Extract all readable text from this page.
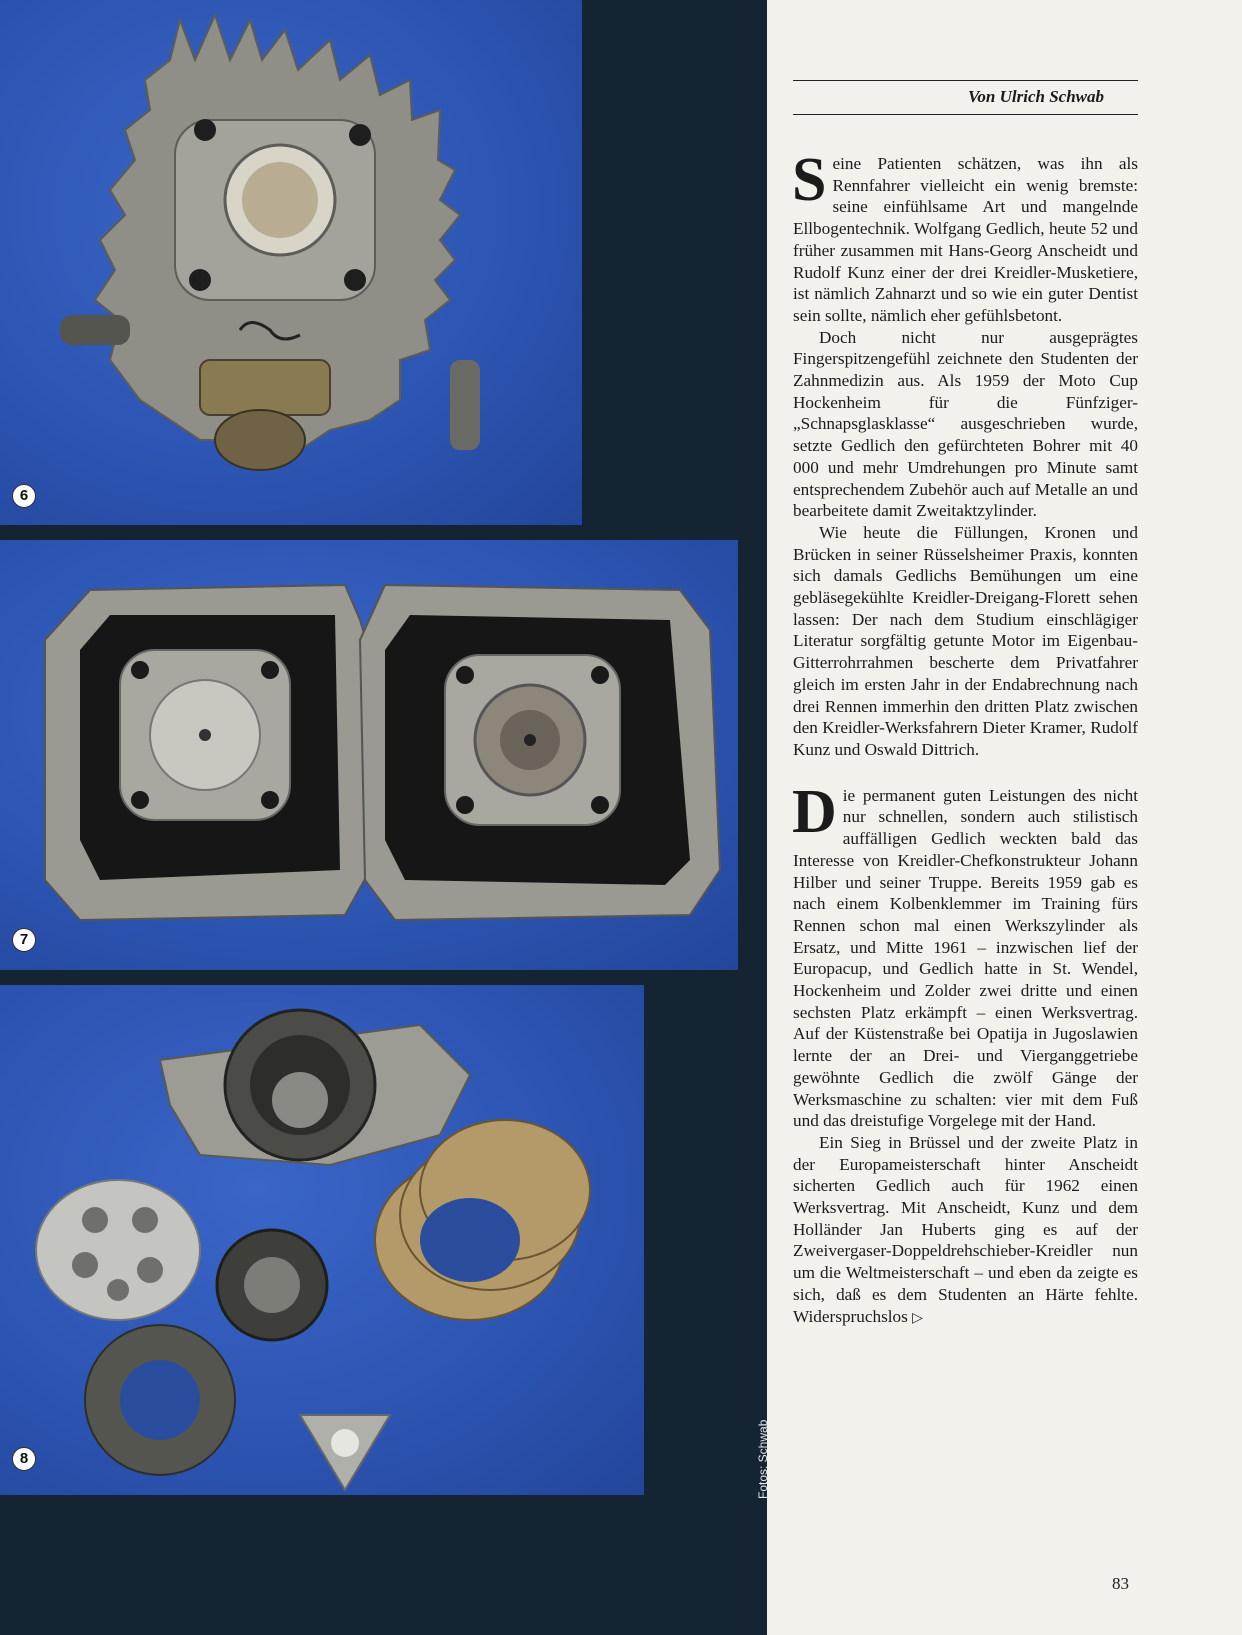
6
7
8	Fotos: Schwab
Von Ulrich Schwab

Seine Patienten schätzen, was ihn als Rennfahrer vielleicht ein wenig bremste: seine einfühlsame Art und mangelnde Ellbogentechnik. Wolfgang Gedlich, heute 52 und früher zusammen mit Hans-Georg Anscheidt und Rudolf Kunz einer der drei Kreidler-Musketiere, ist nämlich Zahnarzt und so wie ein guter Dentist sein sollte, nämlich eher gefühlsbetont.

Doch nicht nur ausgeprägtes Fingerspitzengefühl zeichnete den Studenten der Zahnmedizin aus. Als 1959 der Moto Cup Hockenheim für die Fünfziger-„Schnapsglasklasse“ ausgeschrieben wurde, setzte Gedlich den gefürchteten Bohrer mit 40 000 und mehr Umdrehungen pro Minute samt entsprechendem Zubehör auch auf Metalle an und bearbeitete damit Zweitaktzylinder.

Wie heute die Füllungen, Kronen und Brücken in seiner Rüsselsheimer Praxis, konnten sich damals Gedlichs Bemühungen um eine gebläsegekühlte Kreidler-Dreigang-Florett sehen lassen: Der nach dem Studium einschlägiger Literatur sorgfältig getunte Motor im Eigenbau-Gitterrohrrahmen bescherte dem Privatfahrer gleich im ersten Jahr in der Endabrechnung nach drei Rennen immerhin den dritten Platz zwischen den Kreidler-Werksfahrern Dieter Kramer, Rudolf Kunz und Oswald Dittrich.

Die permanent guten Leistungen des nicht nur schnellen, sondern auch stilistisch auffälligen Gedlich weckten bald das Interesse von Kreidler-Chefkonstrukteur Johann Hilber und seiner Truppe. Bereits 1959 gab es nach einem Kolbenklemmer im Training fürs Rennen schon mal einen Werkszylinder als Ersatz, und Mitte 1961 – inzwischen lief der Europacup, und Gedlich hatte in St. Wendel, Hockenheim und Zolder zwei dritte und einen sechsten Platz erkämpft – einen Werksvertrag. Auf der Küstenstraße bei Opatija in Jugoslawien lernte der an Drei- und Vierganggetriebe gewöhnte Gedlich die zwölf Gänge der Werksmaschine zu schalten: vier mit dem Fuß und das dreistufige Vorgelege mit der Hand.

Ein Sieg in Brüssel und der zweite Platz in der Europameisterschaft hinter Anscheidt sicherten Gedlich auch für 1962 einen Werksvertrag. Mit Anscheidt, Kunz und dem Holländer Jan Huberts ging es auf der Zweivergaser-Doppeldrehschieber-Kreidler nun um die Weltmeisterschaft – und eben da zeigte es sich, daß es dem Studenten an Härte fehlte. Widerspruchslos ▷

83
